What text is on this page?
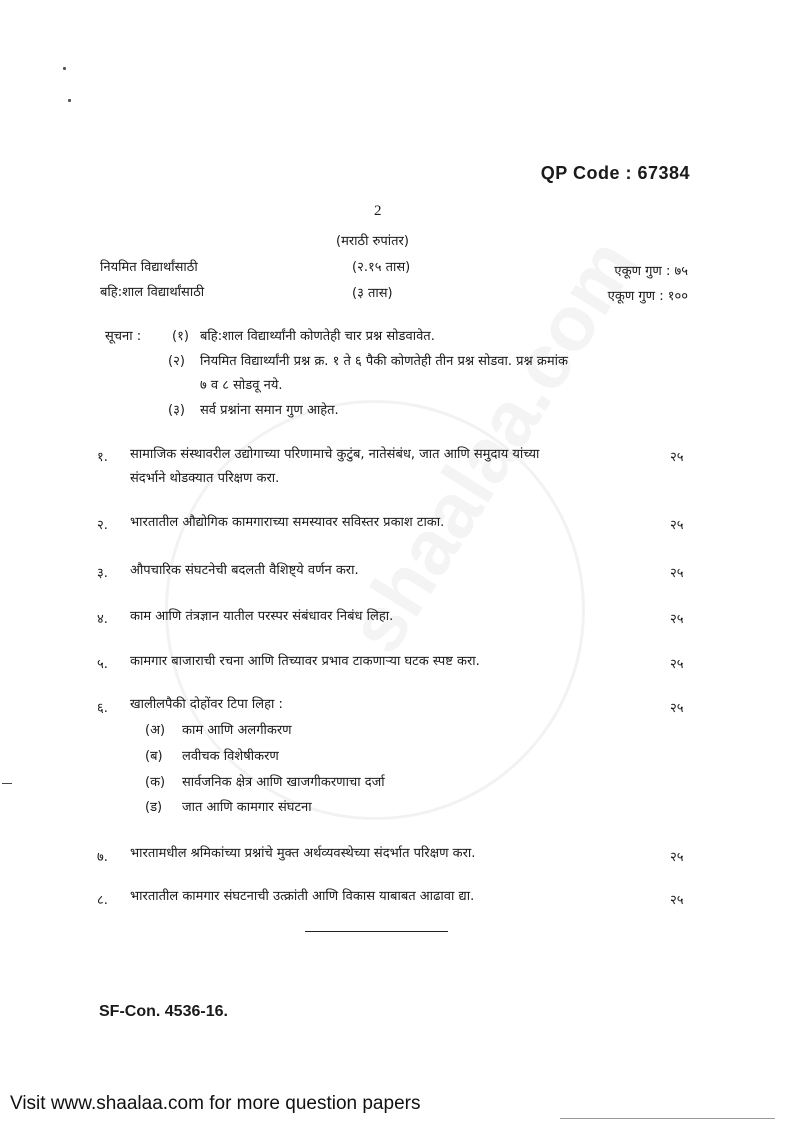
QP Code : 67384
2
(मराठी रुपांतर)
नियमित विद्यार्थांसाठी	(२.१५ तास)	एकूण गुण : ७५
बहि:शाल विद्यार्थांसाठी	(३ तास)	एकूण गुण : १००
सूचना : (१) बहि:शाल विद्यार्थ्यांनी कोणतेही चार प्रश्न सोडवावेत.
(२) नियमित विद्यार्थ्यांनी प्रश्न क्र. १ ते ६ पैकी कोणतेही तीन प्रश्न सोडवा. प्रश्न क्रमांक
७ व ८ सोडवू नये.
(३) सर्व प्रश्नांना समान गुण आहेत.
१. सामाजिक संस्थावरील उद्योगाच्या परिणामाचे कुटुंब, नातेसंबंध, जात आणि समुदाय यांच्या
संदर्भाने थोडक्यात परिक्षण करा.
२५
२. भारतातील औद्योगिक कामगाराच्या समस्यावर सविस्तर प्रकाश टाका.	२५
३. औपचारिक संघटनेची बदलती वैशिष्ट्ये वर्णन करा.	२५
४. काम आणि तंत्रज्ञान यातील परस्पर संबंधावर निबंध लिहा.	२५
५. कामगार बाजाराची रचना आणि तिच्यावर प्रभाव टाकणाऱ्या घटक स्पष्ट करा.	२५
६. खालीलपैकी दोहोंवर टिपा लिहा :	२५
(अ) काम आणि अलगीकरण
(ब) लवीचक विशेषीकरण
(क) सार्वजनिक क्षेत्र आणि खाजगीकरणाचा दर्जा
(ड) जात आणि कामगार संघटना
७. भारतामधील श्रमिकांच्या प्रश्नांचे मुक्त अर्थव्यवस्थेच्या संदर्भात परिक्षण करा.	२५
८. भारतातील कामगार संघटनाची उत्क्रांती आणि विकास याबाबत आढावा द्या.	२५
SF-Con. 4536-16.
Visit www.shaalaa.com for more question papers
